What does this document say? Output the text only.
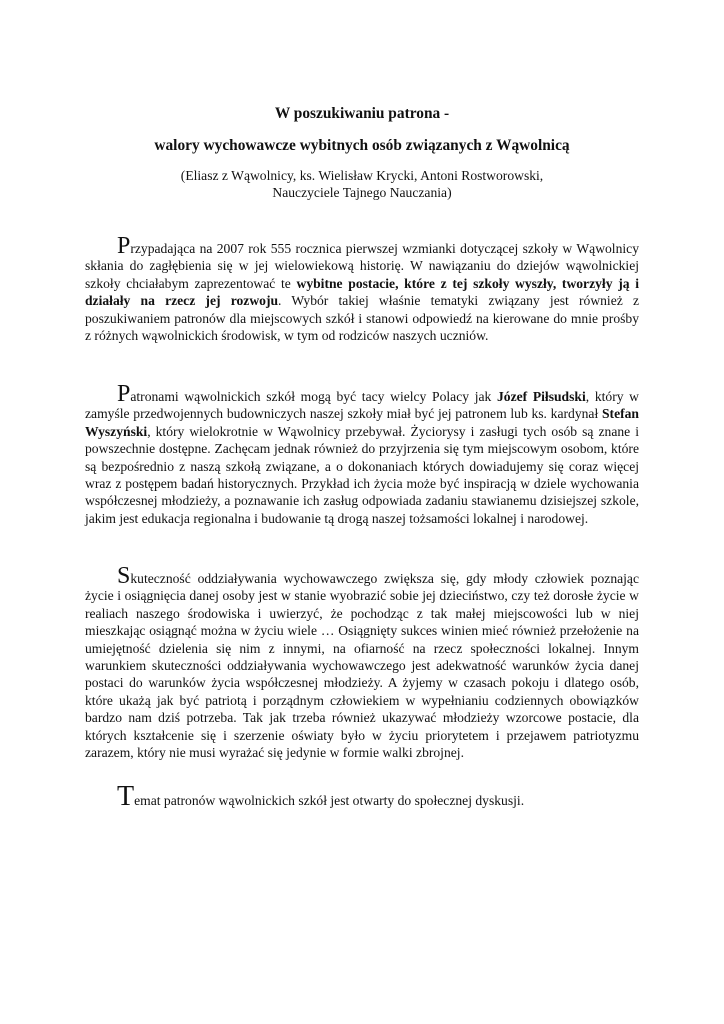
W poszukiwaniu patrona -
walory wychowawcze wybitnych osób związanych z Wąwolnicą
(Eliasz z Wąwolnicy, ks. Wielisław Krycki, Antoni Rostworowski,
Nauczyciele Tajnego Nauczania)

Przypadająca na 2007 rok 555 rocznica pierwszej wzmianki dotyczącej szkoły w Wąwolnicy skłania do zagłębienia się w jej wielowiekową historię. W nawiązaniu do dziejów wąwolnickiej szkoły chciałabym zaprezentować te wybitne postacie, które z tej szkoły wyszły, tworzyły ją i działały na rzecz jej rozwoju. Wybór takiej właśnie tematyki związany jest również z poszukiwaniem patronów dla miejscowych szkół i stanowi odpowiedź na kierowane do mnie prośby z różnych wąwolnickich środowisk, w tym od rodziców naszych uczniów.

Patronami wąwolnickich szkół mogą być tacy wielcy Polacy jak Józef Piłsudski, który w zamyśle przedwojennych budowniczych naszej szkoły miał być jej patronem lub ks. kardynał Stefan Wyszyński, który wielokrotnie w Wąwolnicy przebywał. Życiorysy i zasługi tych osób są znane i powszechnie dostępne. Zachęcam jednak również do przyjrzenia się tym miejscowym osobom, które są bezpośrednio z naszą szkołą związane, a o dokonaniach których dowiadujemy się coraz więcej wraz z postępem badań historycznych. Przykład ich życia może być inspiracją w dziele wychowania współczesnej młodzieży, a poznawanie ich zasług odpowiada zadaniu stawianemu dzisiejszej szkole, jakim jest edukacja regionalna i budowanie tą drogą naszej tożsamości lokalnej i narodowej.

Skuteczność oddziaływania wychowawczego zwiększa się, gdy młody człowiek poznając życie i osiągnięcia danej osoby jest w stanie wyobrazić sobie jej dzieciństwo, czy też dorosłe życie w realiach naszego środowiska i uwierzyć, że pochodząc z tak małej miejscowości lub w niej mieszkając osiągnąć można w życiu wiele … Osiągnięty sukces winien mieć również przełożenie na umiejętność dzielenia się nim z innymi, na ofiarność na rzecz społeczności lokalnej. Innym warunkiem skuteczności oddziaływania wychowawczego jest adekwatność warunków życia danej postaci do warunków życia współczesnej młodzieży. A żyjemy w czasach pokoju i dlatego osób, które ukażą jak być patriotą i porządnym człowiekiem w wypełnianiu codziennych obowiązków bardzo nam dziś potrzeba. Tak jak trzeba również ukazywać młodzieży wzorcowe postacie, dla których kształcenie się i szerzenie oświaty było w życiu priorytetem i przejawem patriotyzmu zarazem, który nie musi wyrażać się jedynie w formie walki zbrojnej.

Temat patronów wąwolnickich szkół jest otwarty do społecznej dyskusji.
